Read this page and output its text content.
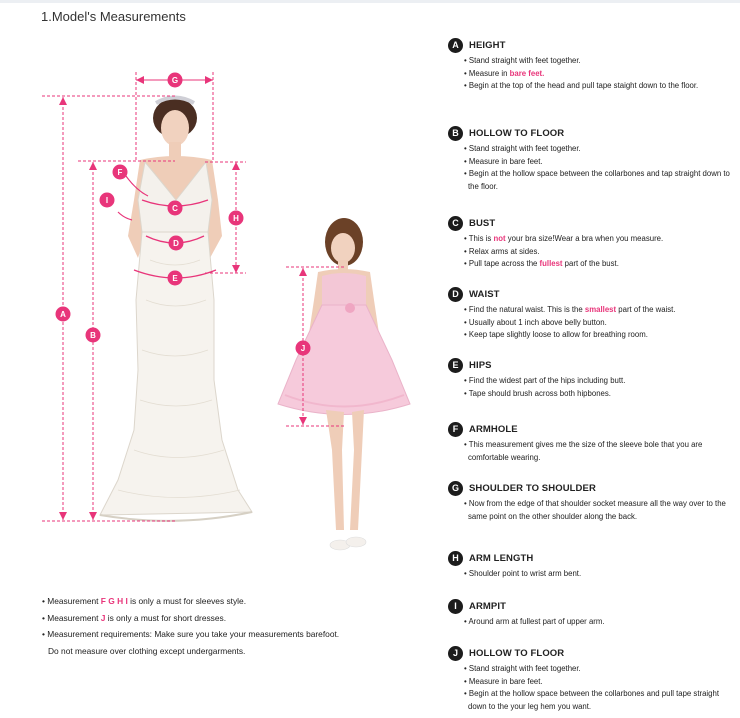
1.Model's Measurements
A
B
C
D
E
F
G
H
I
J
A	HEIGHT
• Stand straight with feet together.
• Measure in bare feet.
• Begin at the top of the head and pull tape staight down to the floor.
B	HOLLOW TO FLOOR
• Stand straight with feet together.
• Measure in bare feet.
• Begin at the hollow space between the collarbones and tap straight down to the floor.
C	BUST
• This is not your bra size!Wear a bra when you measure.
• Relax arms at sides.
• Pull tape across the fullest part of the bust.
D	WAIST
• Find the natural waist. This is the smallest part of the waist.
• Usually about 1 inch above belly button.
• Keep tape slightly loose to allow for breathing room.
E	HIPS
• Find the widest part of the hips including butt.
• Tape should brush across both hipbones.
F	ARMHOLE
• This measurement gives me the size of the sleeve bole that you are comfortable wearing.
G	SHOULDER TO SHOULDER
• Now from the edge of that shoulder socket measure all the way over to the same point on the other shoulder along the back.
H	ARM LENGTH
• Shoulder point to wrist arm bent.
I	ARMPIT
• Around arm at fullest part of upper arm.
J	HOLLOW TO FLOOR
• Stand straight with feet together.
• Measure in bare feet.
• Begin at the hollow space between the collarbones and pull tape straight down to the your leg hem you want.
• Measurement F G H I is only a must for sleeves style.
• Measurement J is only a must for short dresses.
• Measurement requirements: Make sure you take your measurements barefoot.
Do not measure over clothing except undergarments.
